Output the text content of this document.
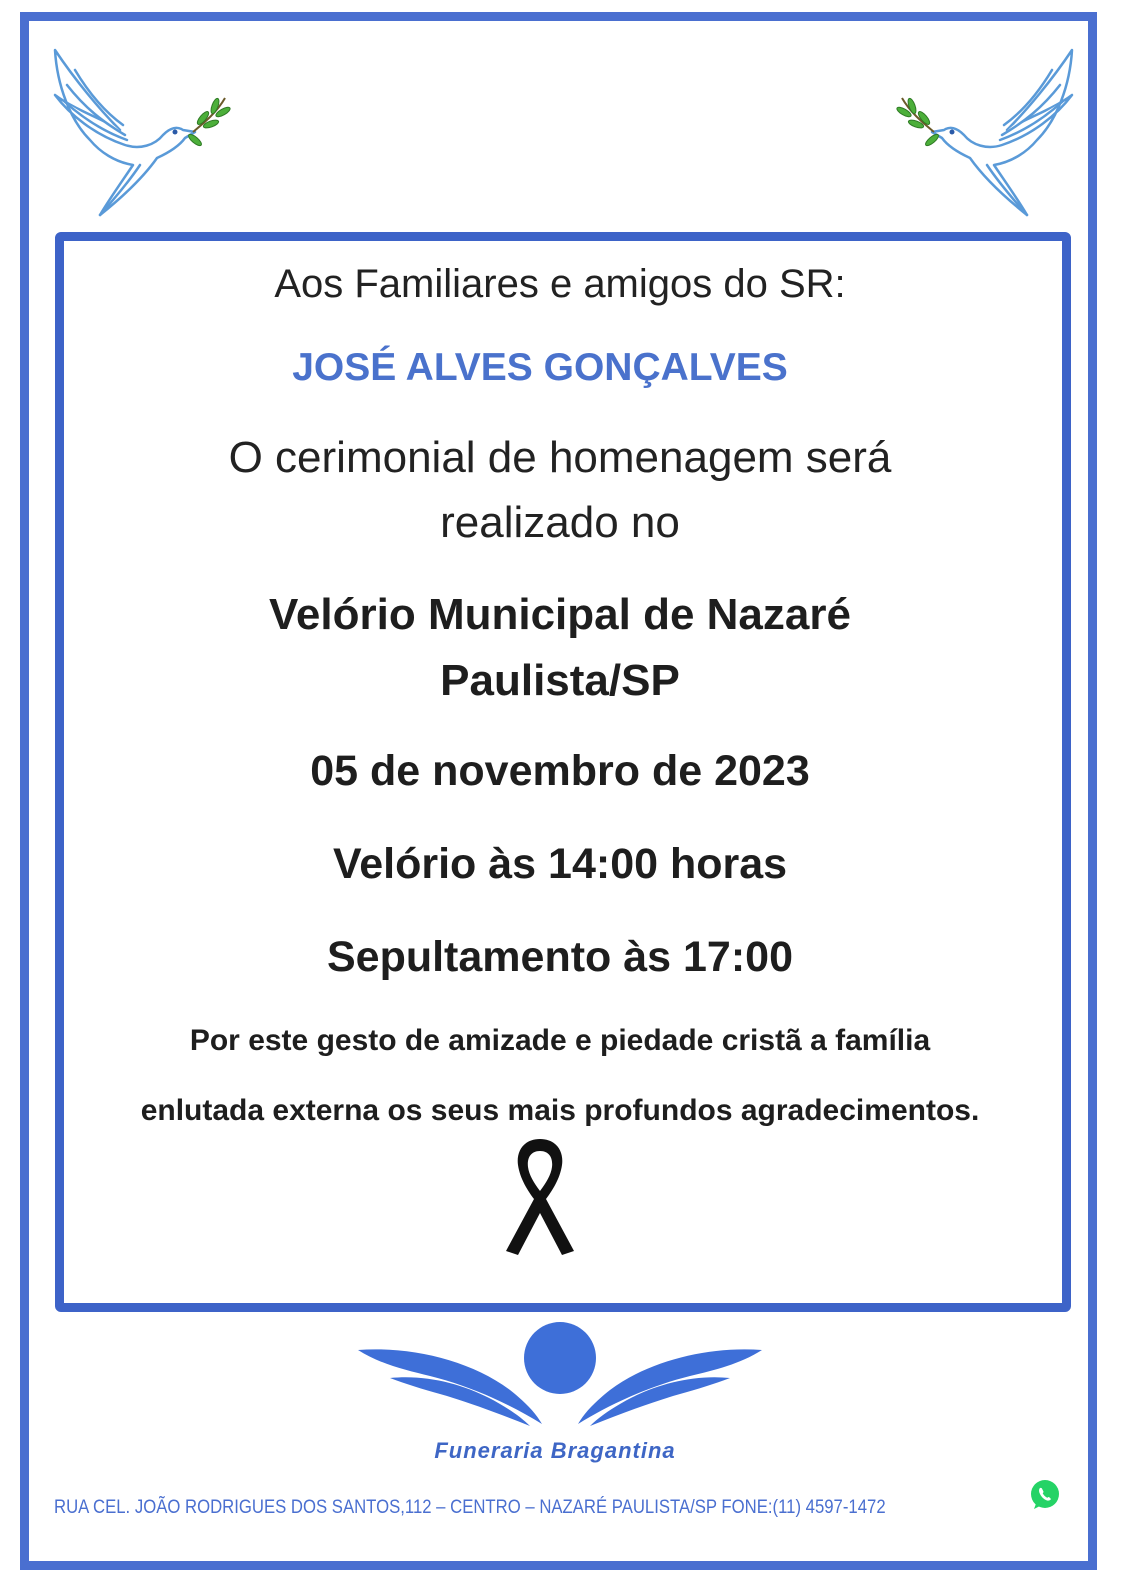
Aos Familiares e amigos do SR:
JOSÉ ALVES GONÇALVES
O cerimonial de homenagem será
realizado no
Velório Municipal de Nazaré
Paulista/SP
05 de novembro de 2023
Velório às 14:00 horas
Sepultamento às 17:00
Por este gesto de amizade e piedade cristã a família
enlutada externa os seus mais profundos agradecimentos.
Funeraria Bragantina
RUA CEL. JOÃO RODRIGUES DOS SANTOS,112 – CENTRO – NAZARÉ PAULISTA/SP FONE:(11) 4597-1472
